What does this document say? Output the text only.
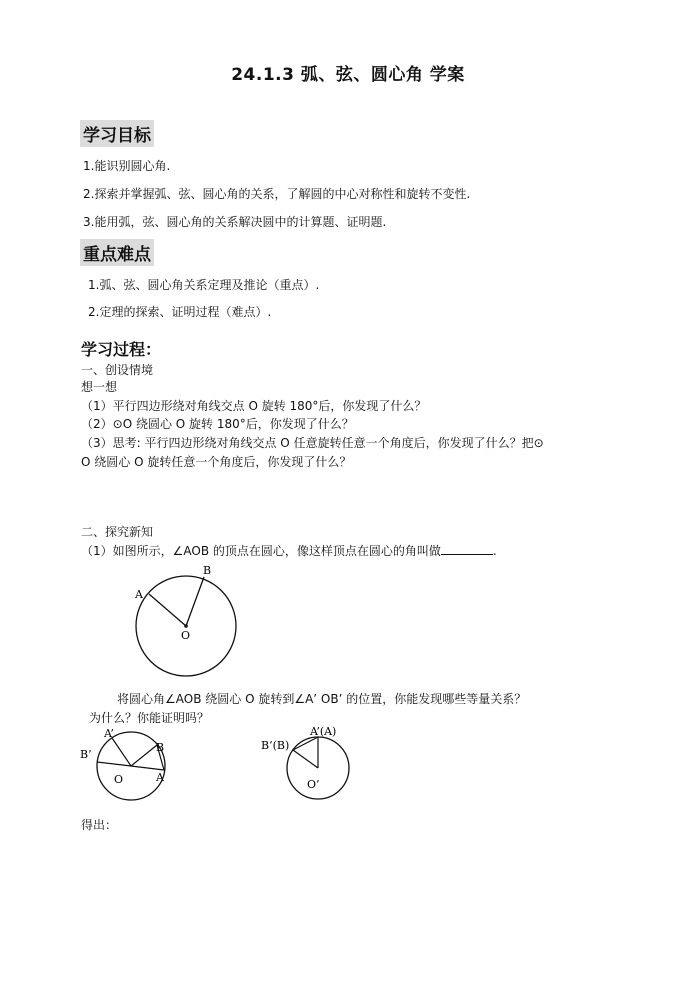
24.1.3 弧、弦、圆心角 学案
学习目标
1.能识别圆心角.
2.探索并掌握弧、弦、圆心角的关系，了解圆的中心对称性和旋转不变性.
3.能用弧，弦、圆心角的关系解决圆中的计算题、证明题.
重点难点
1.弧、弦、圆心角关系定理及推论（重点）.
2.定理的探索、证明过程（难点）.
学习过程：
一、创设情境
想一想
（1）平行四边形绕对角线交点 O 旋转 180°后，你发现了什么？
（2）⊙O 绕圆心 O 旋转 180°后，你发现了什么？
（3）思考: 平行四边形绕对角线交点 O 任意旋转任意一个角度后，你发现了什么？把⊙
O 绕圆心 O 旋转任意一个角度后，你发现了什么？
二、探究新知
（1）如图所示，∠AOB 的顶点在圆心，像这样顶点在圆心的角叫做	.
B
A
O
将圆心角∠AOB 绕圆心 O 旋转到∠A’ OB’ 的位置，你能发现哪些等量关系？
为什么？你能证明吗？
A’
B’
B
A
O
A’(A)
B’(B)
O’
得出：
